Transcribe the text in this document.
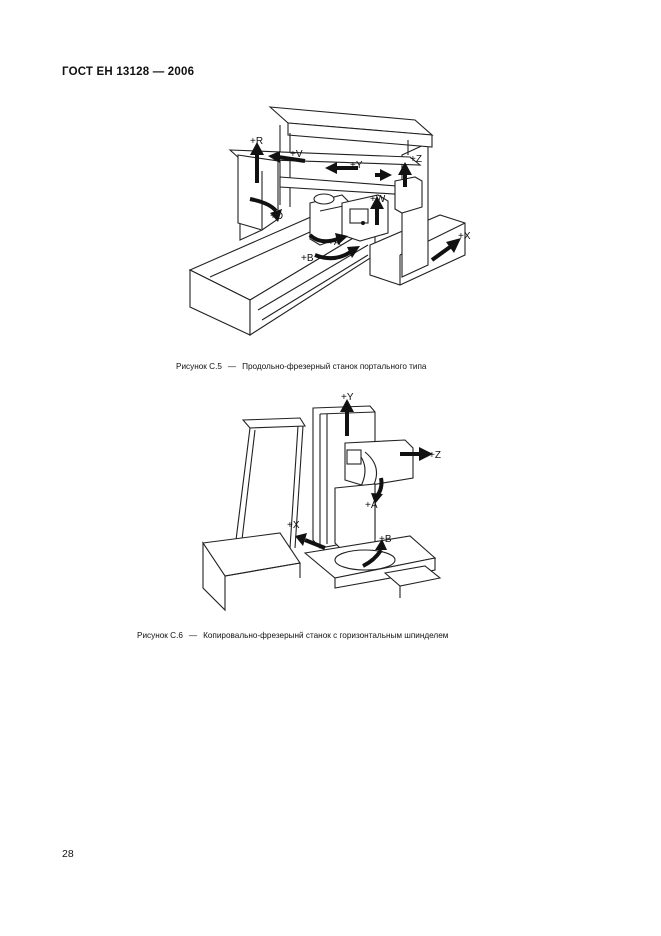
ГОСТ ЕН 13128 — 2006
+R
+V
+Y
+Z
+W
+D
+A
+B
+X
Рисунок С.5 — Продольно-фрезерный станок портального типа
+Y
+Z
+A
+X
+B
Рисунок С.6 — Копировально-фрезерынй станок с горизонтальным шпинделем
28
